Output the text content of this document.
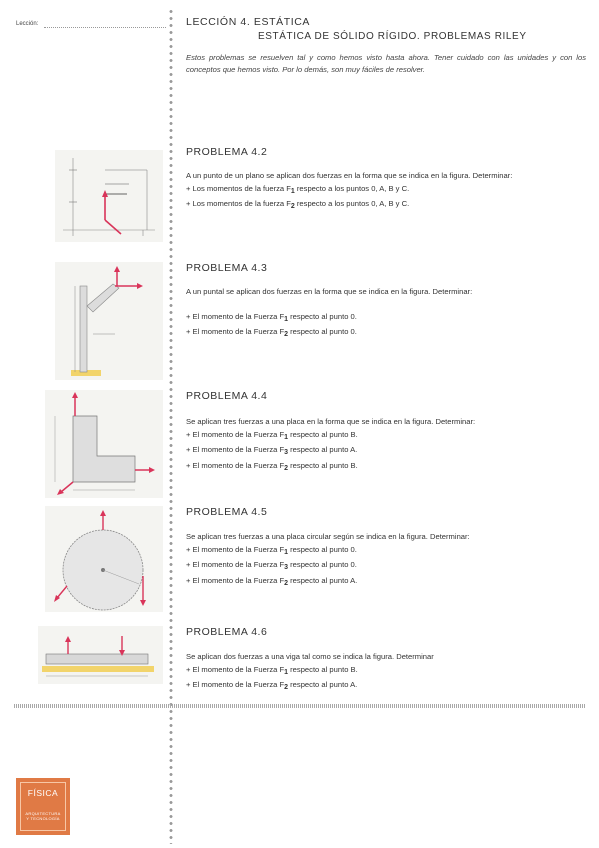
Lección:	LECCIÓN 4. ESTÁTICA
ESTÁTICA DE SÓLIDO RÍGIDO. PROBLEMAS RILEY
Estos problemas se resuelven tal y como hemos visto hasta ahora. Tener cuidado con las unidades y con los conceptos que hemos visto. Por lo demás, son muy fáciles de resolver.
PROBLEMA 4.2

A un punto de un plano se aplican dos fuerzas en la forma que se indica en la figura. Determinar:

+ Los momentos de la fuerza $F_1$ respecto a los puntos 0, A, B y C.

+ Los momentos de la fuerza $F_2$ respecto a los puntos 0, A, B y C.

PROBLEMA 4.3

A un puntal se aplican dos fuerzas en la forma que se indica en la figura. Determinar:

+ El momento de la Fuerza $F_1$ respecto al punto 0.

+ El momento de la Fuerza $F_2$ respecto al punto 0.

PROBLEMA 4.4

Se aplican tres fuerzas a una placa en la forma que se indica en la figura. Determinar:

+ El momento de la Fuerza $F_1$ respecto al punto B.

+ El momento de la Fuerza $F_3$ respecto al punto A.

+ El momento de la Fuerza $F_2$ respecto al punto B.

PROBLEMA 4.5

Se aplican tres fuerzas a una placa circular según se indica en la figura. Determinar:

+ El momento de la Fuerza $F_1$ respecto al punto 0.

+ El momento de la Fuerza $F_3$ respecto al punto 0.

+ El momento de la Fuerza $F_2$ respecto al punto A.

PROBLEMA 4.6

Se aplican dos fuerzas a una viga tal como se indica la figura. Determinar

+ El momento de la Fuerza $F_1$ respecto al punto B.

+ El momento de la Fuerza $F_2$ respecto al punto A.

FÍSICA
ARQUITECTURA
Y TECNOLOGÍA
